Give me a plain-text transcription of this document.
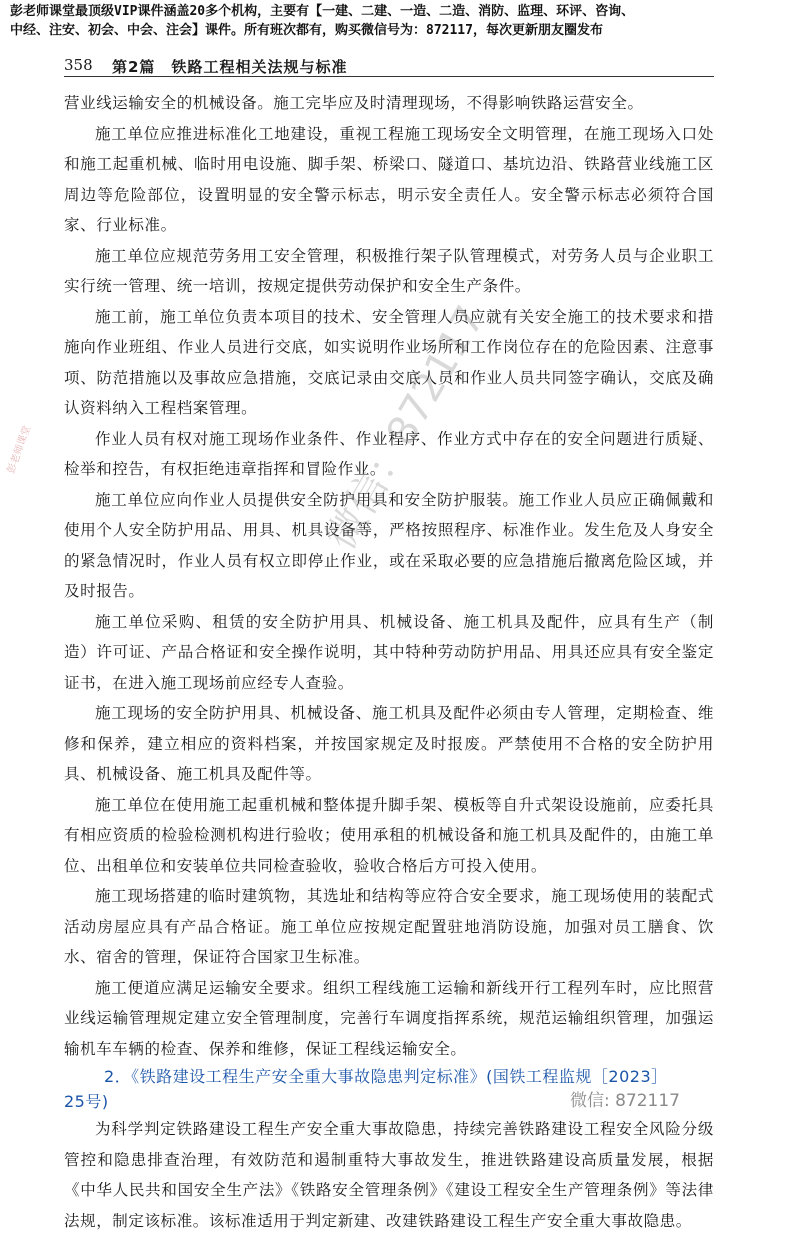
彭老师课堂最顶级VIP课件涵盖20多个机构，主要有【一建、二建、一造、二造、消防、监理、环评、咨询、
中经、注安、初会、中会、注会】课件。所有班次都有，购买微信号为：872117，每次更新朋友圈发布
358 第2篇　铁路工程相关法规与标准

营业线运输安全的机械设备。施工完毕应及时清理现场，不得影响铁路运营安全。

施工单位应推进标准化工地建设，重视工程施工现场安全文明管理，在施工现场入口处和施工起重机械、临时用电设施、脚手架、桥梁口、隧道口、基坑边沿、铁路营业线施工区周边等危险部位，设置明显的安全警示标志，明示安全责任人。安全警示标志必须符合国家、行业标准。

施工单位应规范劳务用工安全管理，积极推行架子队管理模式，对劳务人员与企业职工实行统一管理、统一培训，按规定提供劳动保护和安全生产条件。

施工前，施工单位负责本项目的技术、安全管理人员应就有关安全施工的技术要求和措施向作业班组、作业人员进行交底，如实说明作业场所和工作岗位存在的危险因素、注意事项、防范措施以及事故应急措施，交底记录由交底人员和作业人员共同签字确认，交底及确认资料纳入工程档案管理。

作业人员有权对施工现场作业条件、作业程序、作业方式中存在的安全问题进行质疑、检举和控告，有权拒绝违章指挥和冒险作业。

施工单位应向作业人员提供安全防护用具和安全防护服装。施工作业人员应正确佩戴和使用个人安全防护用品、用具、机具设备等，严格按照程序、标准作业。发生危及人身安全的紧急情况时，作业人员有权立即停止作业，或在采取必要的应急措施后撤离危险区域，并及时报告。

施工单位采购、租赁的安全防护用具、机械设备、施工机具及配件，应具有生产（制造）许可证、产品合格证和安全操作说明，其中特种劳动防护用品、用具还应具有安全鉴定证书，在进入施工现场前应经专人查验。

施工现场的安全防护用具、机械设备、施工机具及配件必须由专人管理，定期检查、维修和保养，建立相应的资料档案，并按国家规定及时报废。严禁使用不合格的安全防护用具、机械设备、施工机具及配件等。

施工单位在使用施工起重机械和整体提升脚手架、模板等自升式架设设施前，应委托具有相应资质的检验检测机构进行验收；使用承租的机械设备和施工机具及配件的，由施工单位、出租单位和安装单位共同检查验收，验收合格后方可投入使用。

施工现场搭建的临时建筑物，其选址和结构等应符合安全要求，施工现场使用的装配式活动房屋应具有产品合格证。施工单位应按规定配置驻地消防设施，加强对员工膳食、饮水、宿舍的管理，保证符合国家卫生标准。

施工便道应满足运输安全要求。组织工程线施工运输和新线开行工程列车时，应比照营业线运输管理规定建立安全管理制度，完善行车调度指挥系统，规范运输组织管理，加强运输机车车辆的检查、保养和维修，保证工程线运输安全。

2．《铁路建设工程生产安全重大事故隐患判定标准》(国铁工程监规［2023］
25号)

为科学判定铁路建设工程生产安全重大事故隐患，持续完善铁路建设工程安全风险分级管控和隐患排查治理，有效防范和遏制重特大事故发生，推进铁路建设高质量发展，根据《中华人民共和国安全生产法》《铁路安全管理条例》《建设工程安全生产管理条例》等法律法规，制定该标准。该标准适用于判定新建、改建铁路建设工程生产安全重大事故隐患。

微信：872117
彭老师课堂
微信: 872117
